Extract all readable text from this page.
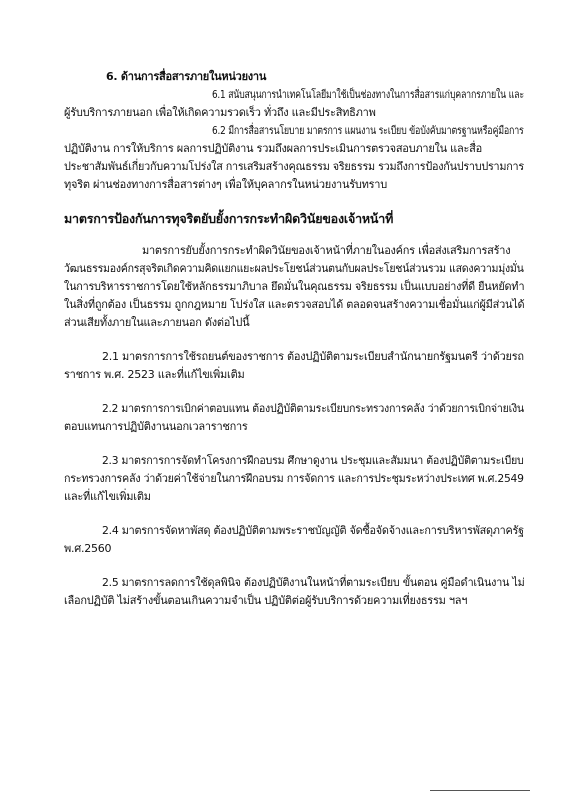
6. ด้านการสื่อสารภายในหน่วยงาน
6.1 สนับสนุนการนำเทคโนโลยีมาใช้เป็นช่องทางในการสื่อสารแก่บุคลากรภายใน และ
ผู้รับบริการภายนอก เพื่อให้เกิดความรวดเร็ว ทั่วถึง และมีประสิทธิภาพ
6.2 มีการสื่อสารนโยบาย มาตรการ แผนงาน ระเบียบ ข้อบังคับมาตรฐานหรือคู่มือการ
ปฏิบัติงาน การให้บริการ ผลการปฏิบัติงาน รวมถึงผลการประเมินการตรวจสอบภายใน และสื่อ
ประชาสัมพันธ์เกี่ยวกับความโปร่งใส การเสริมสร้างคุณธรรม จริยธรรม รวมถึงการป้องกันปราบปรามการ
ทุจริต ผ่านช่องทางการสื่อสารต่างๆ เพื่อให้บุคลากรในหน่วยงานรับทราบ
มาตรการป้องกันการทุจริตยับยั้งการกระทำผิดวินัยของเจ้าหน้าที่
มาตรการยับยั้งการกระทำผิดวินัยของเจ้าหน้าที่ภายในองค์กร เพื่อส่งเสริมการสร้าง
วัฒนธรรมองค์กรสุจริตเกิดความคิดแยกแยะผลประโยชน์ส่วนตนกับผลประโยชน์ส่วนรวม แสดงความมุ่งมั่น
ในการบริหารราชการโดยใช้หลักธรรมาภิบาล ยึดมั่นในคุณธรรม จริยธรรม เป็นแบบอย่างที่ดี ยืนหยัดทำ
ในสิ่งที่ถูกต้อง เป็นธรรม ถูกกฎหมาย โปร่งใส และตรวจสอบได้ ตลอดจนสร้างความเชื่อมั่นแก่ผู้มีส่วนได้
ส่วนเสียทั้งภายในและภายนอก ดังต่อไปนี้
2.1 มาตรการการใช้รถยนต์ของราชการ ต้องปฏิบัติตามระเบียบสำนักนายกรัฐมนตรี ว่าด้วยรถ
ราชการ พ.ศ. 2523 และที่แก้ไขเพิ่มเติม
2.2 มาตรการการเบิกค่าตอบแทน ต้องปฏิบัติตามระเบียบกระทรวงการคลัง ว่าด้วยการเบิกจ่ายเงิน
ตอบแทนการปฏิบัติงานนอกเวลาราชการ
2.3 มาตรการการจัดทำโครงการฝึกอบรม ศึกษาดูงาน ประชุมและสัมมนา ต้องปฏิบัติตามระเบียบ
กระทรวงการคลัง ว่าด้วยค่าใช้จ่ายในการฝึกอบรม การจัดการ และการประชุมระหว่างประเทศ พ.ศ.2549
และที่แก้ไขเพิ่มเติม
2.4 มาตรการจัดหาพัสดุ ต้องปฏิบัติตามพระราชบัญญัติ จัดซื้อจัดจ้างและการบริหารพัสดุภาครัฐ
พ.ศ.2560
2.5 มาตรการลดการใช้ดุลพินิจ ต้องปฏิบัติงานในหน้าที่ตามระเบียบ ขั้นตอน คู่มือดำเนินงาน ไม่
เลือกปฏิบัติ ไม่สร้างขั้นตอนเกินความจำเป็น ปฏิบัติต่อผู้รับบริการด้วยความเที่ยงธรรม ฯลฯ
